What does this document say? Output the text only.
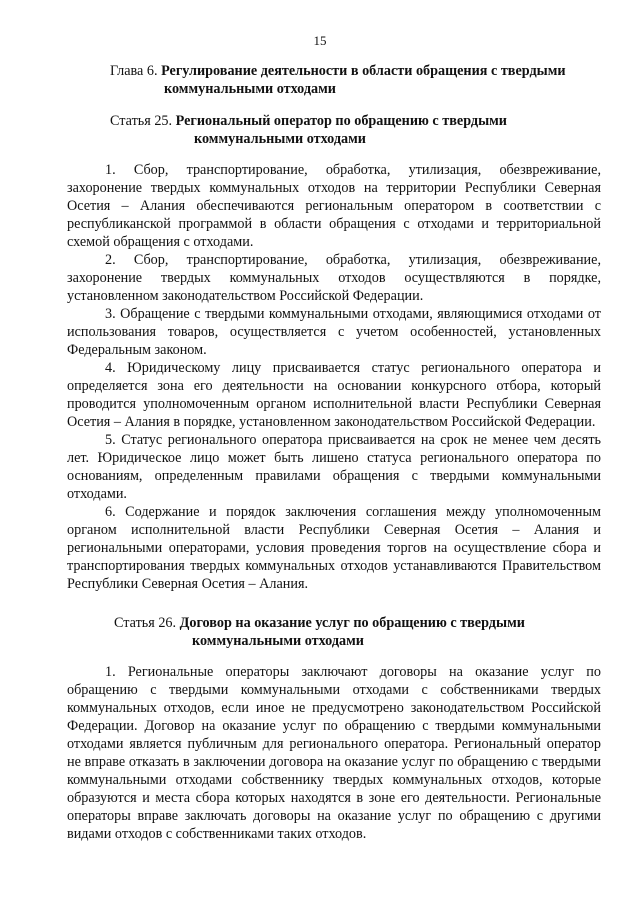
15
Глава 6. Регулирование деятельности в области обращения с твердыми
коммунальными отходами
Статья 25. Региональный оператор по обращению с твердыми
коммунальными отходами

1. Сбор, транспортирование, обработка, утилизация, обезвреживание, захоронение твердых коммунальных отходов на территории Республики Северная Осетия – Алания обеспечиваются региональным оператором в соответствии с республиканской программой в области обращения с отходами и территориальной схемой обращения с отходами.

2. Сбор, транспортирование, обработка, утилизация, обезвреживание, захоронение твердых коммунальных отходов осуществляются в порядке, установленном законодательством Российской Федерации.

3. Обращение с твердыми коммунальными отходами, являющимися отходами от использования товаров, осуществляется с учетом особенностей, установленных Федеральным законом.

4. Юридическому лицу присваивается статус регионального оператора и определяется зона его деятельности на основании конкурсного отбора, который проводится уполномоченным органом исполнительной власти Республики Северная Осетия – Алания в порядке, установленном законодательством Российской Федерации.

5. Статус регионального оператора присваивается на срок не менее чем десять лет. Юридическое лицо может быть лишено статуса регионального оператора по основаниям, определенным правилами обращения с твердыми коммунальными отходами.

6. Содержание и порядок заключения соглашения между уполномоченным органом исполнительной власти Республики Северная Осетия – Алания и региональными операторами, условия проведения торгов на осуществление сбора и транспортирования твердых коммунальных отходов устанавливаются Правительством Республики Северная Осетия – Алания.

Статья 26. Договор на оказание услуг по обращению с твердыми
коммунальными отходами

1. Региональные операторы заключают договоры на оказание услуг по обращению с твердыми коммунальными отходами с собственниками твердых коммунальных отходов, если иное не предусмотрено законодательством Российской Федерации. Договор на оказание услуг по обращению с твердыми коммунальными отходами является публичным для регионального оператора. Региональный оператор не вправе отказать в заключении договора на оказание услуг по обращению с твердыми коммунальными отходами собственнику твердых коммунальных отходов, которые образуются и места сбора которых находятся в зоне его деятельности. Региональные операторы вправе заключать договоры на оказание услуг по обращению с другими видами отходов с собственниками таких отходов.
